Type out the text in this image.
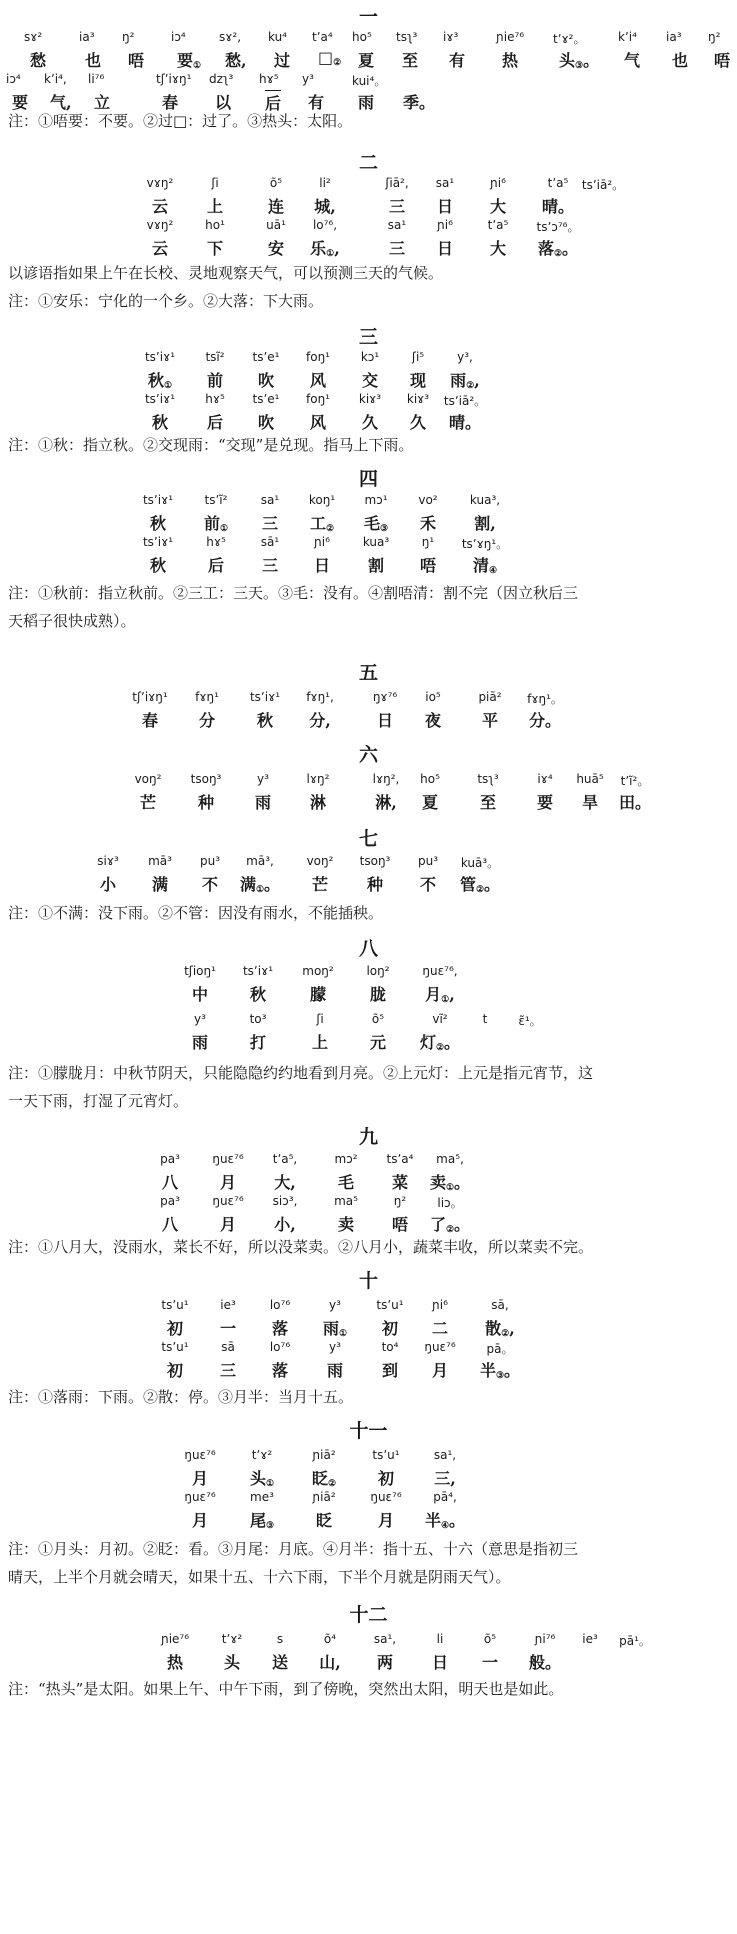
一
sɤ²	ia³ ŋ²	iɔ⁴	sɤ², ku⁴ tʼa⁴ ho⁵ tsʅ³ iɤ³	ɲie⁷⁶ tʼɤ²。	kʼi⁴ ia³ ŋ²
愁 也 唔 要$_①$ 愁, 过 $□_②$ 夏 至 有 热	头$_③$。 气 也 唔
iɔ⁴ kʼi⁴, li⁷⁶	tʃʼiɤŋ¹ dzʅ³ hɤ⁵ y³	kui⁴。
要 气, 立	春 以 后 有 雨 季。
注：①唔要：不要。②过□：过了。③热头：太阳。
二
vɤŋ²	ʃi	õ⁵	li²	ʃiā², sa¹	ɲi⁶	tʼa⁵ tsʼiā²。
云 上	连 城,	三 日 大 晴。
vɤŋ²	ho¹	uā¹ lo⁷⁶,	sa¹	ɲi⁶	tʼa⁵ tsʼɔ⁷⁶。
云 下	安 乐$_①$,	三 日 大 落$_②$。
以谚语指如果上午在长校、灵地观察天气，可以预测三天的气候。
注：①安乐：宁化的一个乡。②大落：下大雨。
三
tsʼiɤ¹	tsĩ² tsʼe¹ foŋ¹	kɔ¹	ʃi⁵	y³,
秋$_①$ 前 吹 风 交 现 雨$_②$,
tsʼiɤ¹	hɤ⁵ tsʼe¹ foŋ¹ kiɤ³ kiɤ³ tsʼiā²。
秋 后 吹 风 久 久 晴。
注：①秋：指立秋。②交现雨：“交现”是兑现。指马上下雨。
四
tsʼiɤ¹	tsʼĩ²	sa¹ koŋ¹ mɔ¹	vo²	kua³,
秋 前$_①$ 三 工$_②$ 毛$_③$ 禾 割,
tsʼiɤ¹	hɤ⁵	sā¹	ɲi⁶	kua³	ŋ¹ tsʼɤŋ¹。
秋	后 三 日 割 唔 清$_④$
注：①秋前：指立秋前。②三工：三天。③毛：没有。④割唔清：割不完（因立秋后三
天稻子很快成熟）。
五
tʃʼiɤŋ¹ fɤŋ¹	tsʼiɤ¹ fɤŋ¹,	ŋɤ⁷⁶ io⁵	piā² fɤŋ¹。
春	分	秋 分,	日 夜	平 分。
六
voŋ² tsoŋ³	y³	lɤŋ²	lɤŋ², ho⁵	tsʅ³	iɤ⁴ huā⁵ tʼĩ²。
芒	种	雨 淋	淋, 夏	至	要 旱 田。
七
siɤ³ mā³ pu³ mā³,	voŋ² tsoŋ³ pu³ kuā³。
小 满 不 满$_①$。 芒 种 不 管$_②$。
注：①不满：没下雨。②不管：因没有雨水，不能插秧。
八
tʃioŋ¹ tsʼiɤ¹ moŋ²	loŋ²	ŋuɛ⁷⁶,
中	秋	朦	胧 月$_①$,
y³	to³	ʃi	õ⁵	vĩ²	t	ɛ̃¹。
雨	打	上	元 灯$_②$。
注：①朦胧月：中秋节阴天，只能隐隐约约地看到月亮。②上元灯：上元是指元宵节，这
一天下雨，打湿了元宵灯。
九
pa³	ŋuɛ⁷⁶ tʼa⁵,	mɔ² tsʼa⁴ ma⁵,
八	月 大,	毛 菜 卖$_①$。
pa³	ŋuɛ⁷⁶ siɔ³,	ma⁵	ŋ²	liɔ。
八	月 小,	卖 唔 了$_②$。
注：①八月大，没雨水，菜长不好，所以没菜卖。②八月小，蔬菜丰收，所以菜卖不完。
十
tsʼu¹	ie³	lo⁷⁶	y³	tsʼu¹ ɲi⁶	sā,
初 一 落 雨$_①$ 初 二 散$_②$,
tsʼu¹	sā	lo⁷⁶	y³	to⁴ ŋuɛ⁷⁶	pā。
初 三 落 雨 到 月 半$_③$。
注：①落雨：下雨。②散：停。③月半：当月十五。
十一
ŋuɛ⁷⁶	tʼɤ²	ɲiā²	tsʼu¹	sa¹,
月	头$_①$ 眨$_②$	初	三,
ŋuɛ⁷⁶	me³	ɲiā²	ŋuɛ⁷⁶	pā⁴,
月	尾$_③$	眨	月 半$_④$。
注：①月头：月初。②眨：看。③月尾：月底。④月半：指十五、十六（意思是指初三
晴天，上半个月就会晴天，如果十五、十六下雨，下半个月就是阴雨天气）。
十二
ɲie⁷⁶	tʼɤ²	s	õ⁴	sa¹,	li	õ⁵	ɲi⁷⁶ ie³ pā¹。
热	头 送 山, 两 日 一 般。
注：“热头”是太阳。如果上午、中午下雨，到了傍晚，突然出太阳，明天也是如此。
